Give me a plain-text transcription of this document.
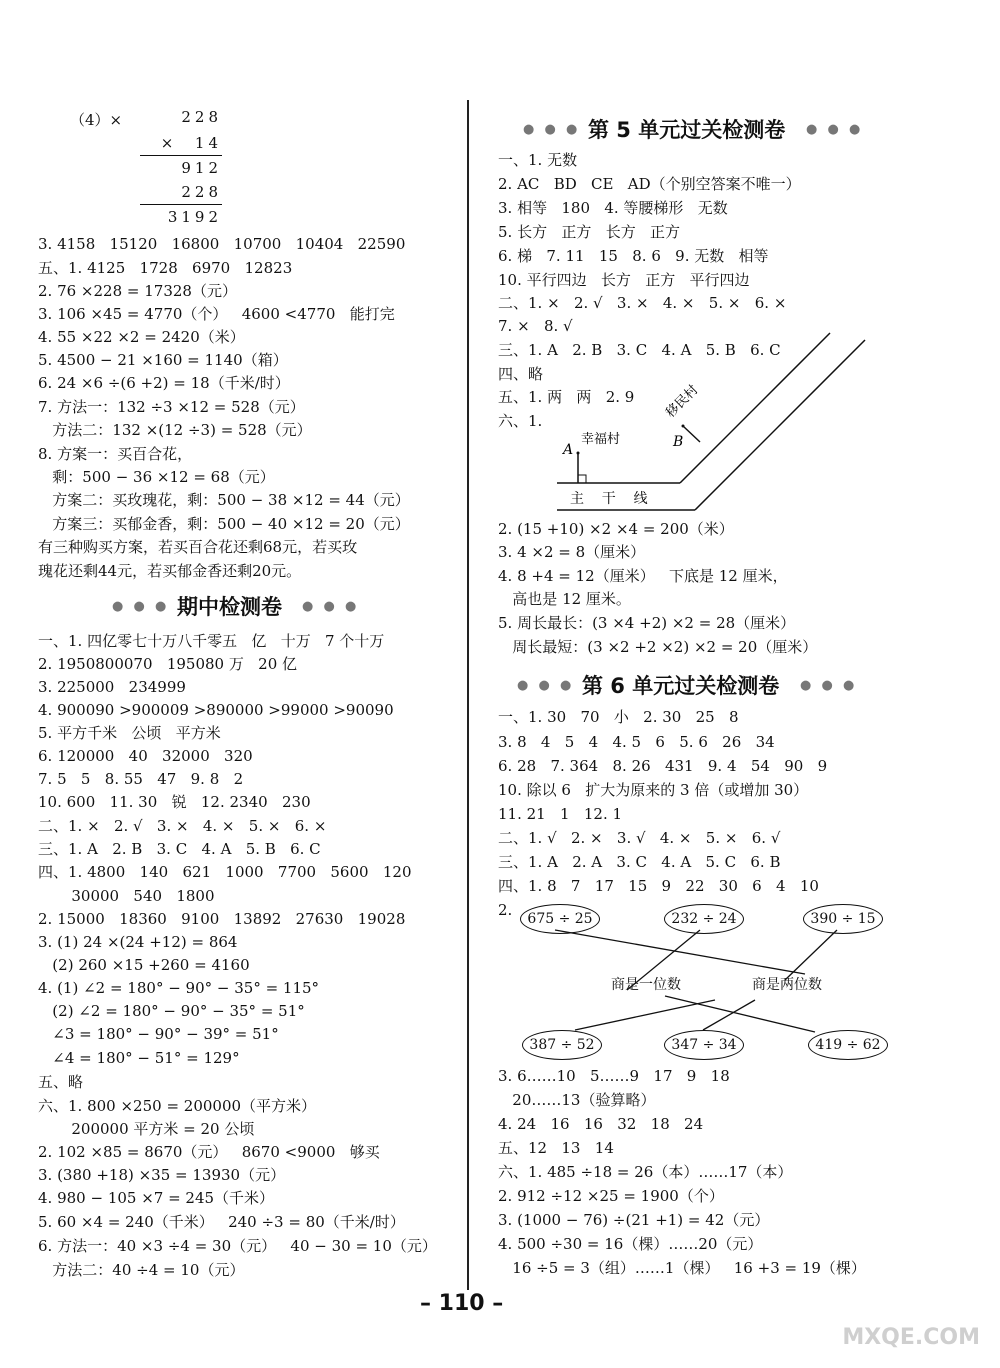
（4）×	228
×  14
912
228
3192
3. 4158   15120   16800   10700   10404   22590
五、1. 4125   1728   6970   12823
2. 76 ×228 = 17328（元）
3. 106 ×45 = 4770（个）   4600 <4770   能打完
4. 55 ×22 ×2 = 2420（米）
5. 4500 − 21 ×160 = 1140（箱）
6. 24 ×6 ÷(6 +2) = 18（千米/时）
7. 方法一：132 ÷3 ×12 = 528（元）
方法二：132 ×(12 ÷3) = 528（元）
8. 方案一：买百合花，
剩：500 − 36 ×12 = 68（元）
方案二：买玫瑰花，剩：500 − 38 ×12 = 44（元）
方案三：买郁金香，剩：500 − 40 ×12 = 20（元）
有三种购买方案，若买百合花还剩68元，若买玫
瑰花还剩44元，若买郁金香还剩20元。
● ● ● 期中检测卷 ● ● ●
一、1. 四亿零七十万八千零五   亿   十万   7 个十万
2. 1950800070   195080 万   20 亿
3. 225000   234999
4. 900090 >900009 >890000 >99000 >90090
5. 平方千米   公顷   平方米
6. 120000   40   32000   320
7. 5   5   8. 55   47   9. 8   2
10. 600   11. 30   锐   12. 2340   230
二、1. ×   2. √   3. ×   4. ×   5. ×   6. ×
三、1. A   2. B   3. C   4. A   5. B   6. C
四、1. 4800   140   621   1000   7700   5600   120
30000   540   1800
2. 15000   18360   9100   13892   27630   19028
3. (1) 24 ×(24 +12) = 864
(2) 260 ×15 +260 = 4160
4. (1) ∠2 = 180° − 90° − 35° = 115°
(2) ∠2 = 180° − 90° − 35° = 51°
∠3 = 180° − 90° − 39° = 51°
∠4 = 180° − 51° = 129°
五、略
六、1. 800 ×250 = 200000（平方米）
200000 平方米 = 20 公顷
2. 102 ×85 = 8670（元）   8670 <9000   够买
3. (380 +18) ×35 = 13930（元）
4. 980 − 105 ×7 = 245（千米）
5. 60 ×4 = 240（千米）   240 ÷3 = 80（千米/时）
6. 方法一：40 ×3 ÷4 = 30（元）   40 − 30 = 10（元）
方法二：40 ÷4 = 10（元）
● ● ● 第 5 单元过关检测卷 ● ● ●
一、1. 无数
2. AC   BD   CE   AD（个别空答案不唯一）
3. 相等   180   4. 等腰梯形   无数
5. 长方   正方   长方   正方
6. 梯   7. 11   15   8. 6   9. 无数   相等
10. 平行四边   长方   正方   平行四边
二、1. ×   2. √   3. ×   4. ×   5. ×   6. ×
7. ×   8. √
三、1. A   2. B   3. C   4. A   5. B   6. C
四、略
五、1. 两   两   2. 9
六、1.
A	B
幸福村
移民村
主    干    线
2. (15 +10) ×2 ×4 = 200（米）
3. 4 ×2 = 8（厘米）
4. 8 +4 = 12（厘米）   下底是 12 厘米，
高也是 12 厘米。
5. 周长最长：(3 ×4 +2) ×2 = 28（厘米）
周长最短：(3 ×2 +2 ×2) ×2 = 20（厘米）
● ● ● 第 6 单元过关检测卷 ● ● ●
一、1. 30   70   小   2. 30   25   8
3. 8   4   5   4   4. 5   6   5. 6   26   34
6. 28   7. 364   8. 26   431   9. 4   54   90   9
10. 除以 6   扩大为原来的 3 倍（或增加 30）
11. 21   1   12. 1
二、1. √   2. ×   3. √   4. ×   5. ×   6. √
三、1. A   2. A   3. C   4. A   5. C   6. B
四、1. 8   7   17   15   9   22   30   6   4   10
2.	675 ÷ 25	232 ÷ 24	390 ÷ 15
商是一位数	商是两位数
387 ÷ 52	347 ÷ 34	419 ÷ 62
3. 6……10   5……9   17   9   18
20……13（验算略）
4. 24   16   16   32   18   24
五、12   13   14
六、1. 485 ÷18 = 26（本）……17（本）
2. 912 ÷12 ×25 = 1900（个）
3. (1000 − 76) ÷(21 +1) = 42（元）
4. 500 ÷30 = 16（棵）……20（元）
16 ÷5 = 3（组）……1（棵）   16 +3 = 19（棵）
– 110 –
MXQE.COM
